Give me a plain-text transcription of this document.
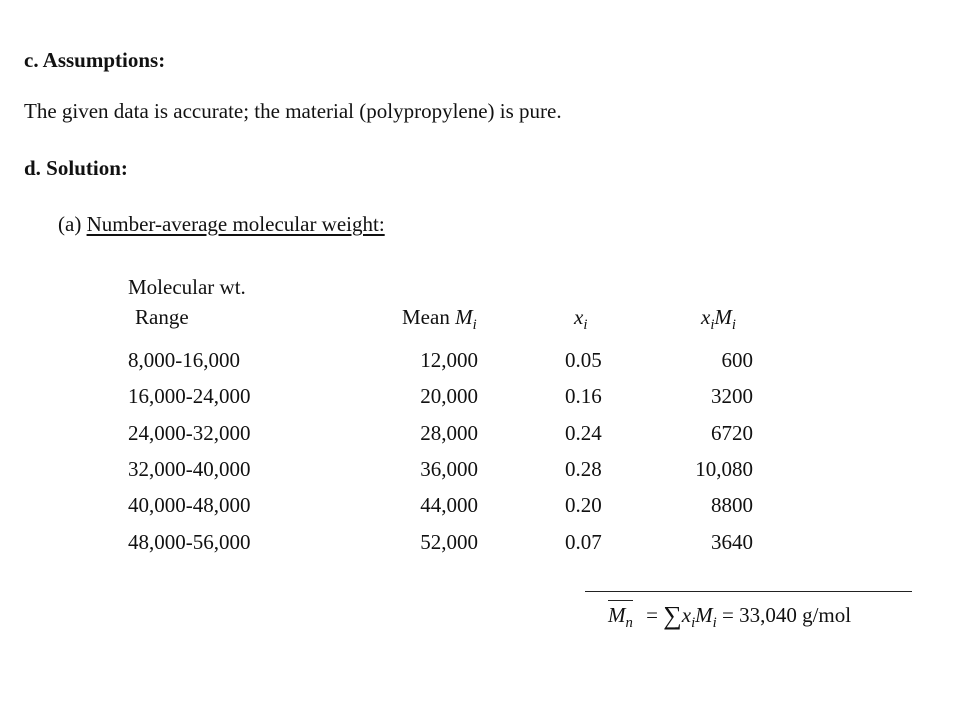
c. Assumptions:
The given data is accurate; the material (polypropylene) is pure.
d. Solution:
(a) Number-average molecular weight:
Molecular wt.
Range	Mean $M_i$	$x_i$	$x_iM_i$
8,000-16,000	12,000	0.05	600
16,000-24,000	20,000	0.16	3200
24,000-32,000	28,000	0.24	6720
32,000-40,000	36,000	0.28	10,080
40,000-48,000	44,000	0.20	8800
48,000-56,000	52,000	0.07	3640
$M_n = \sum x_iM_i = 33,040$ g/mol
